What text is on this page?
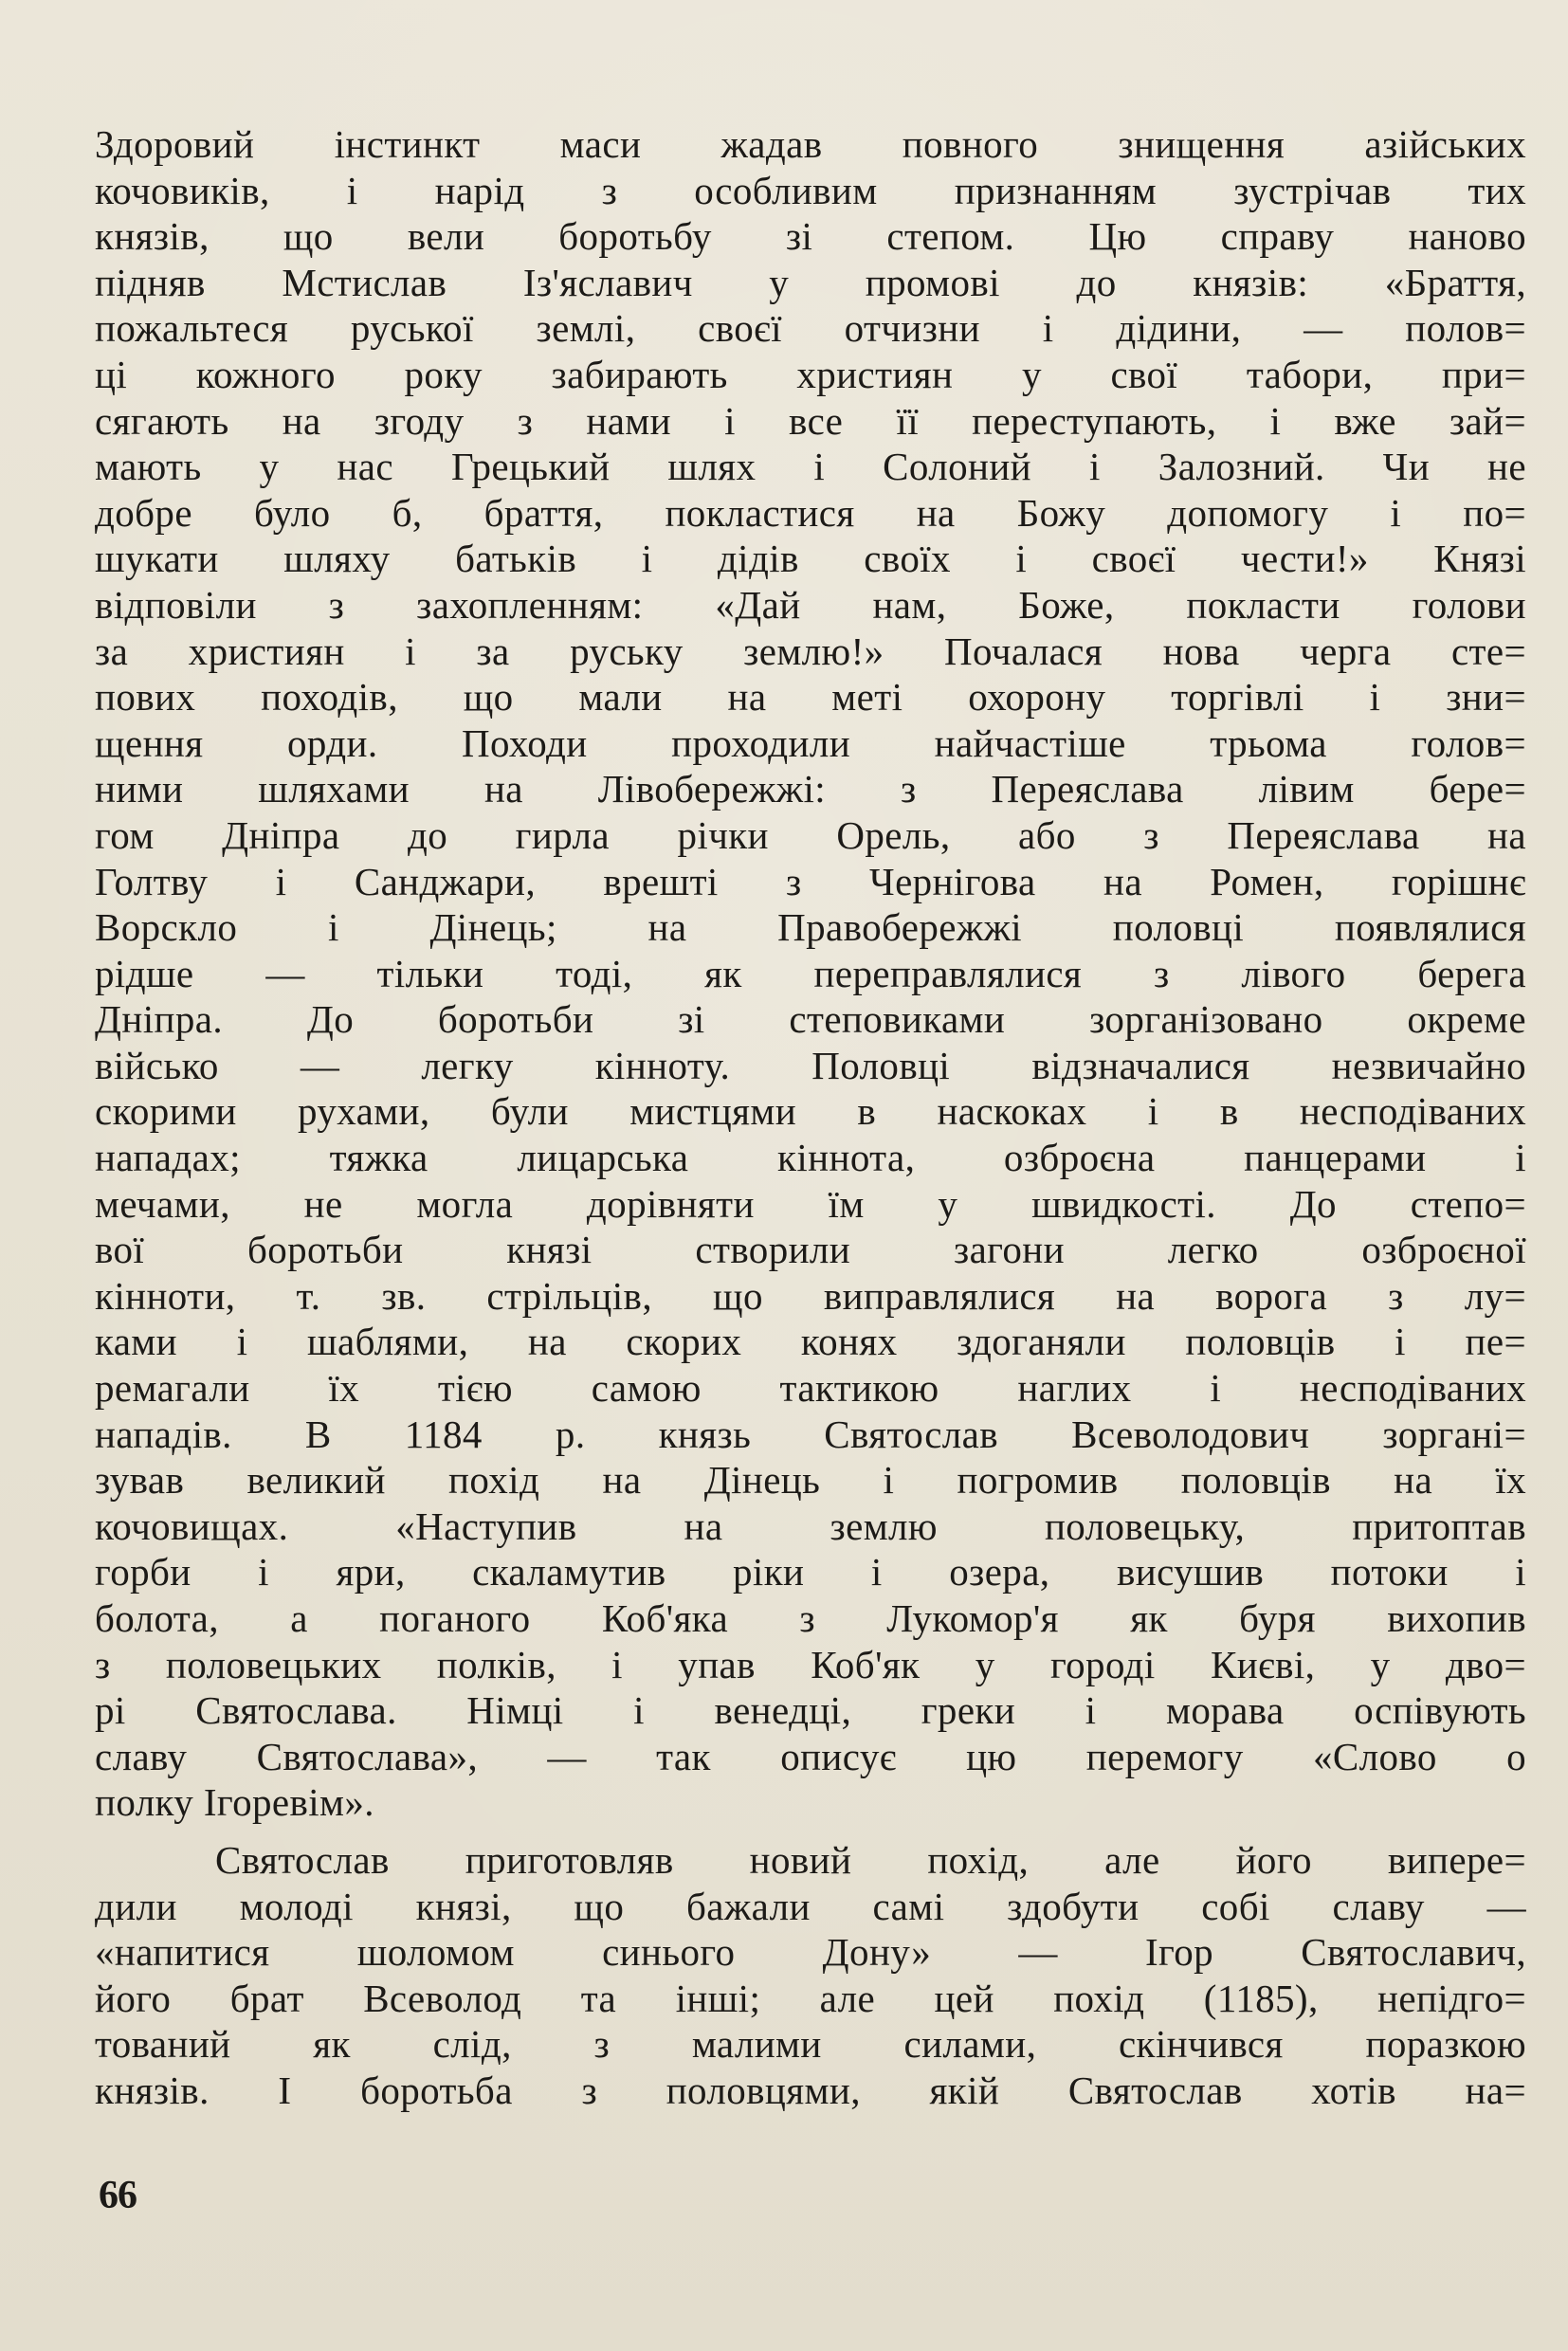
Здоровий інстинкт маси жадав повного знищення азійських
кочовиків, і нарід з особливим признанням зустрічав тих
князів, що вели боротьбу зі степом. Цю справу наново
підняв Мстислав Із'яславич у промові до князів: «Браття,
пожальтеся руської землі, своєї отчизни і дідини, — полов=
ці кожного року забирають християн у свої табори, при=
сягають на згоду з нами і все її переступають, і вже зай=
мають у нас Грецький шлях і Солоний і Залозний. Чи не
добре було б, браття, покластися на Божу допомогу і по=
шукати шляху батьків і дідів своїх і своєї чести!» Князі
відповіли з захопленням: «Дай нам, Боже, покласти голови
за християн і за руську землю!» Почалася нова черга сте=
пових походів, що мали на меті охорону торгівлі і зни=
щення орди. Походи проходили найчастіше трьома голов=
ними шляхами на Лівобережжі: з Переяслава лівим бере=
гом Дніпра до гирла річки Орель, або з Переяслава на
Голтву і Санджари, врешті з Чернігова на Ромен, горішнє
Ворскло і Дінець; на Правобережжі половці появлялися
рідше — тільки тоді, як переправлялися з лівого берега
Дніпра. До боротьби зі степовиками зорганізовано окреме
військо — легку кінноту. Половці відзначалися незвичайно
скорими рухами, були мистцями в наскоках і в несподіваних
нападах; тяжка лицарська кіннота, озброєна панцерами і
мечами, не могла дорівняти їм у швидкості. До степо=
вої боротьби князі створили загони легко озброєної
кінноти, т. зв. стрільців, що виправлялися на ворога з лу=
ками і шаблями, на скорих конях здоганяли половців і пе=
ремагали їх тією самою тактикою наглих і несподіваних
нападів. В 1184 р. князь Святослав Всеволодович зоргані=
зував великий похід на Дінець і погромив половців на їх
кочовищах. «Наступив на землю половецьку, притоптав
горби і яри, скаламутив ріки і озера, висушив потоки і
болота, а поганого Коб'яка з Лукомор'я як буря вихопив
з половецьких полків, і упав Коб'як у городі Києві, у дво=
рі Святослава. Німці і венедці, греки і морава оспівують
славу Святослава», — так описує цю перемогу «Слово о
полку Ігоревім».
Святослав приготовляв новий похід, але його випере=
дили молоді князі, що бажали самі здобути собі славу —
«напитися шоломом синього Дону» — Ігор Святославич,
його брат Всеволод та інші; але цей похід (1185), непідго=
тований як слід, з малими силами, скінчився поразкою
князів. І боротьба з половцями, якій Святослав хотів на=
66
